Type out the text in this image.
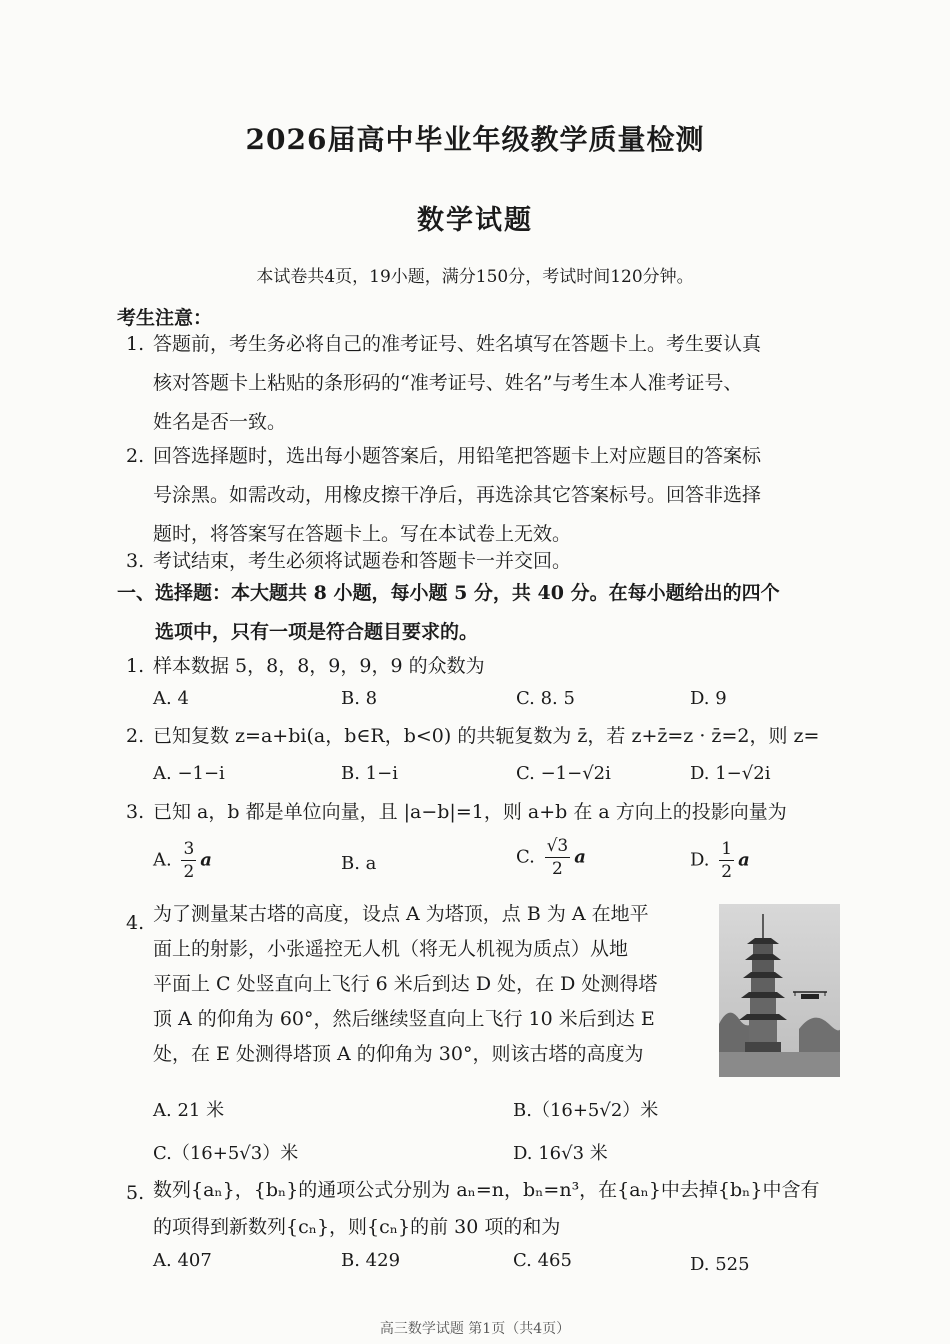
2026届高中毕业年级教学质量检测
数学试题
本试卷共4页，19小题，满分150分，考试时间120分钟。
考生注意：
1. 答题前，考生务必将自己的准考证号、姓名填写在答题卡上。考生要认真
核对答题卡上粘贴的条形码的“准考证号、姓名”与考生本人准考证号、
姓名是否一致。
2. 回答选择题时，选出每小题答案后，用铅笔把答题卡上对应题目的答案标
号涂黑。如需改动，用橡皮擦干净后，再选涂其它答案标号。回答非选择
题时，将答案写在答题卡上。写在本试卷上无效。
3. 考试结束，考生必须将试题卷和答题卡一并交回。
一、选择题：本大题共 8 小题，每小题 5 分，共 40 分。在每小题给出的四个
选项中，只有一项是符合题目要求的。
1. 样本数据 5，8，8，9，9，9 的众数为
A. 4	B. 8	C. 8. 5	D. 9
2. 已知复数 z=a+bi(a，b∈R，b<0) 的共轭复数为 z̄，若 z+z̄=z · z̄=2，则 z=
A. −1−i	B. 1−i	C. −1−√2i	D. 1−√2i
3. 已知 a，b 都是单位向量，且 |a−b|=1，则 a+b 在 a 方向上的投影向量为
A. $\frac{3}{2}$ a	B. a	C. $\frac{√3}{2}$ a	D. $\frac{1}{2}$ a
4. 为了测量某古塔的高度，设点 A 为塔顶，点 B 为 A 在地平
面上的射影，小张遥控无人机（将无人机视为质点）从地
平面上 C 处竖直向上飞行 6 米后到达 D 处，在 D 处测得塔
顶 A 的仰角为 60°，然后继续竖直向上飞行 10 米后到达 E
处，在 E 处测得塔顶 A 的仰角为 30°，则该古塔的高度为
A. 21 米	B.（16+5√2）米
C.（16+5√3）米	D. 16√3 米
5. 数列{aₙ}，{bₙ}的通项公式分别为 aₙ=n，bₙ=n³，在{aₙ}中去掉{bₙ}中含有
的项得到新数列{cₙ}，则{cₙ}的前 30 项的和为
A. 407	B. 429	C. 465	D. 525
高三数学试题 第1页（共4页）
